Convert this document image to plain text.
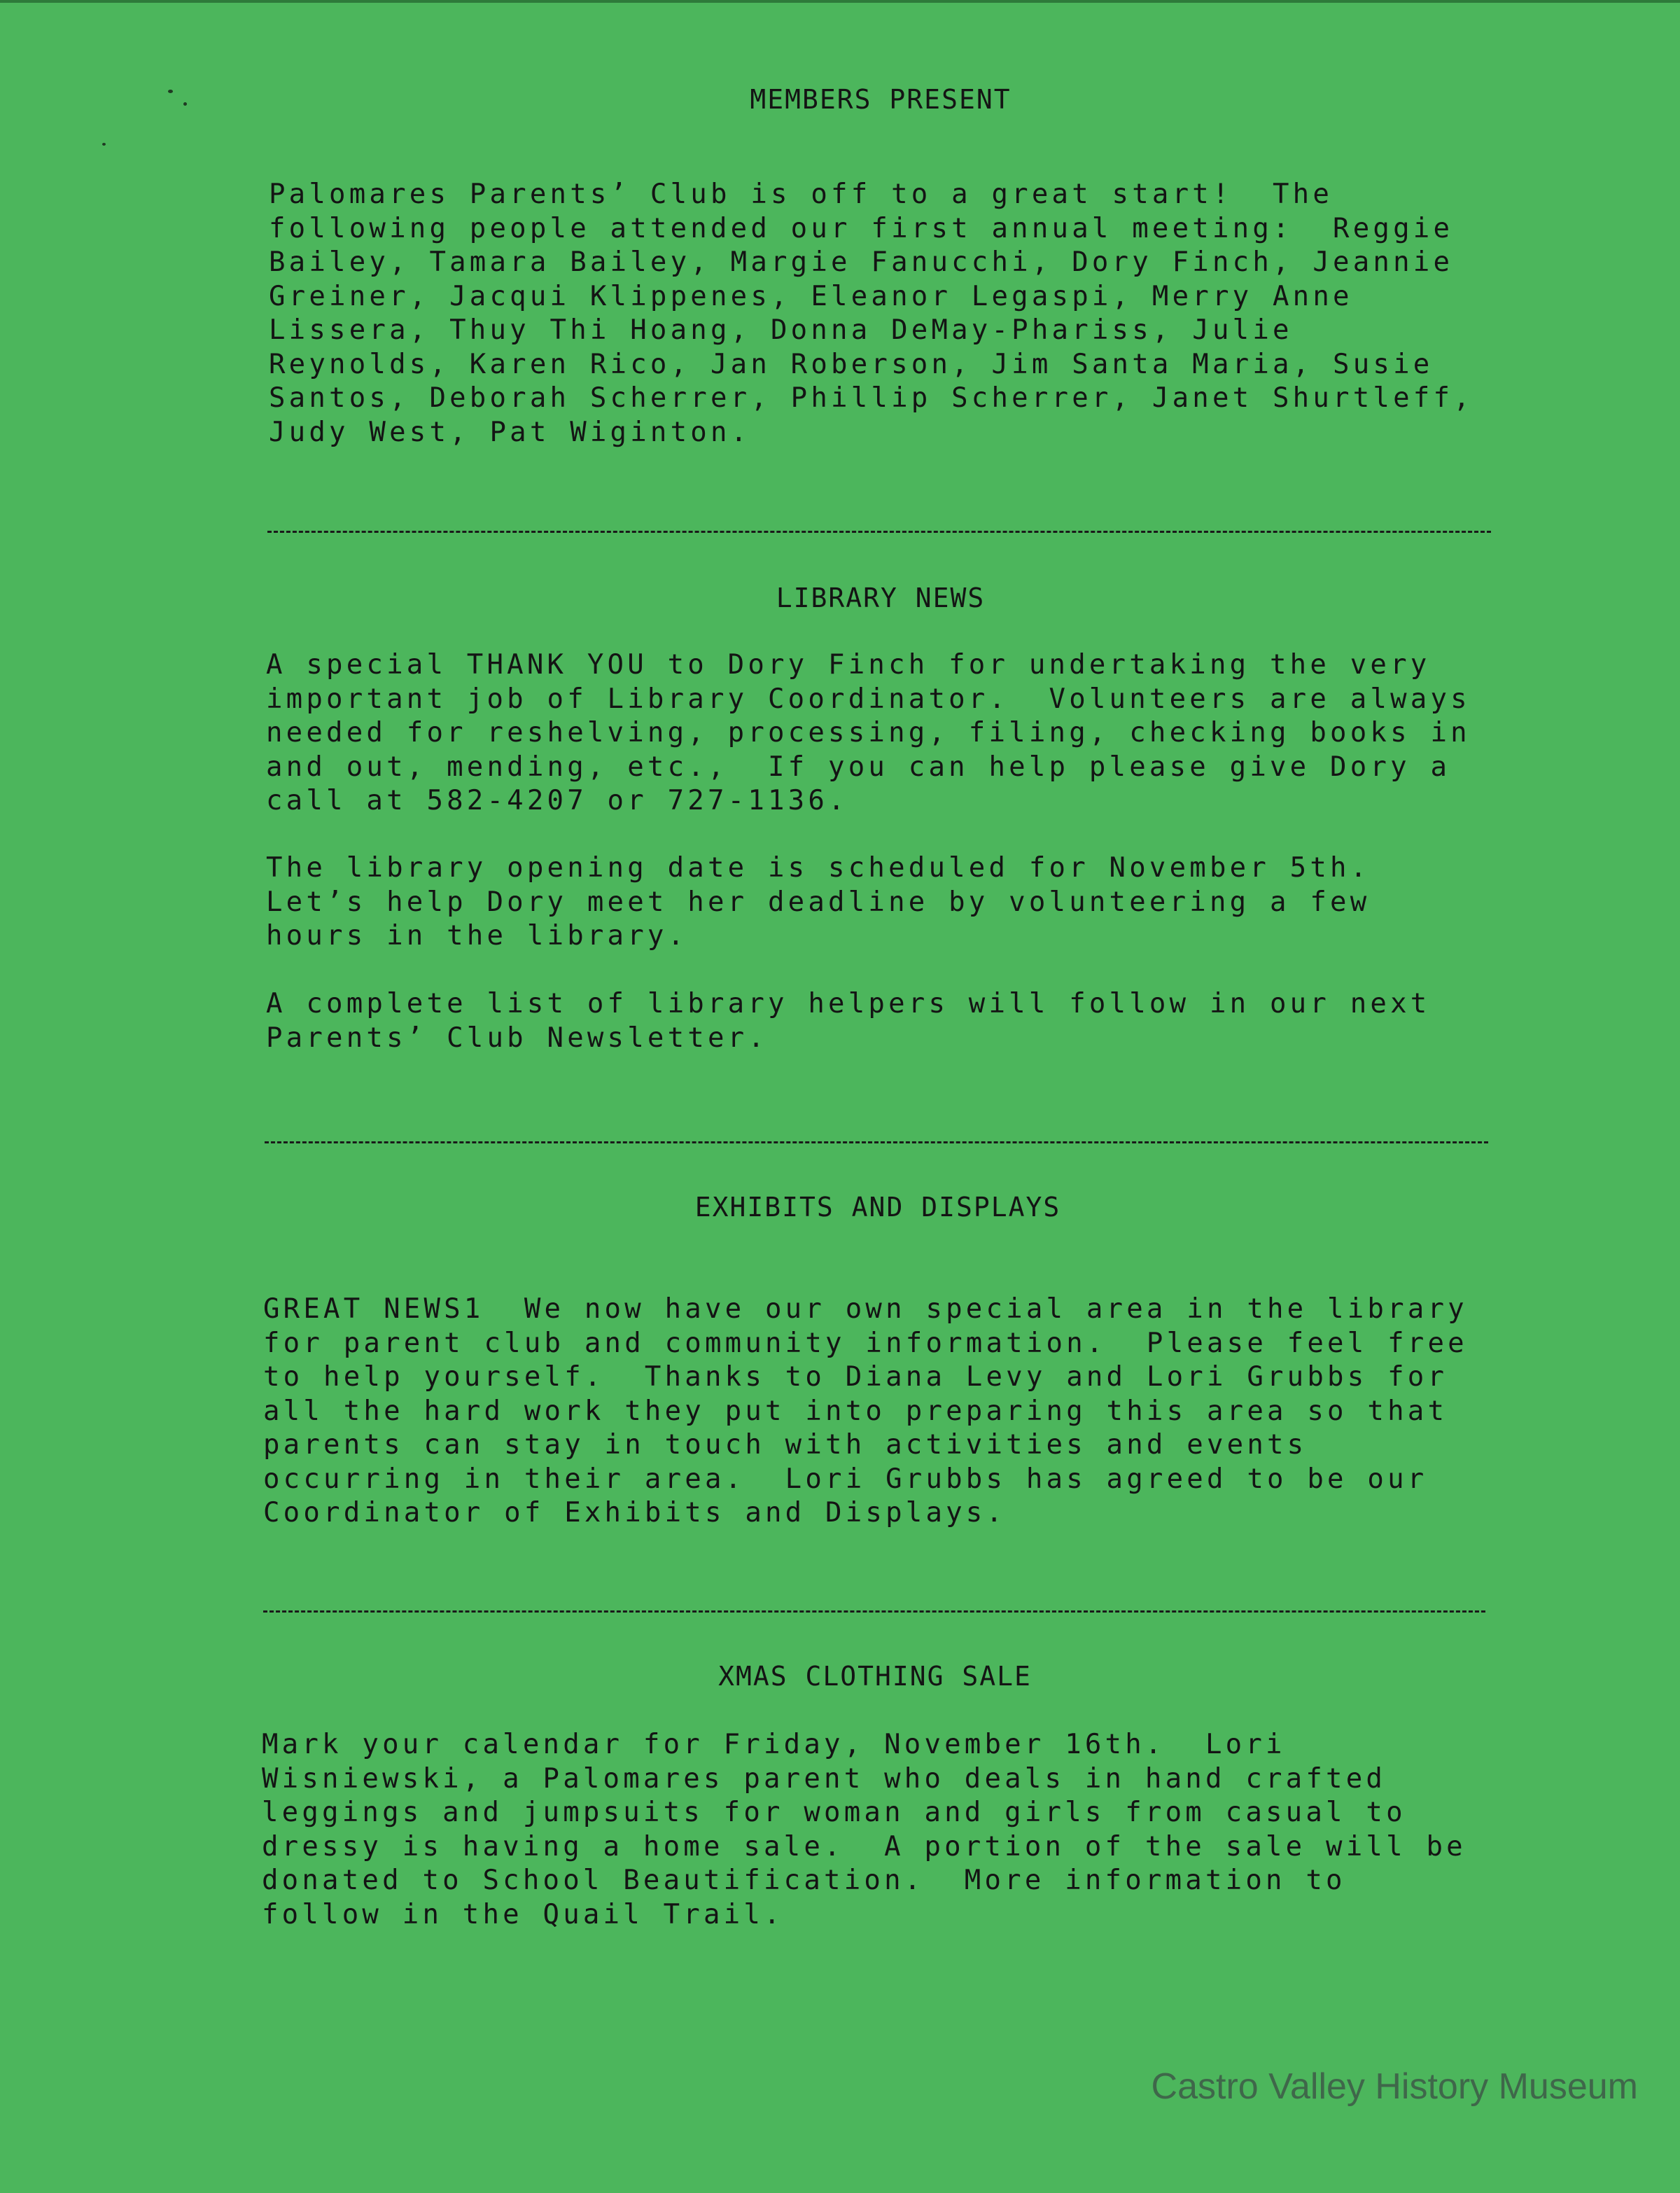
MEMBERS PRESENT

Palomares Parents’ Club is off to a great start!  The
following people attended our first annual meeting:  Reggie
Bailey, Tamara Bailey, Margie Fanucchi, Dory Finch, Jeannie
Greiner, Jacqui Klippenes, Eleanor Legaspi, Merry Anne
Lissera, Thuy Thi Hoang, Donna DeMay-Phariss, Julie
Reynolds, Karen Rico, Jan Roberson, Jim Santa Maria, Susie
Santos, Deborah Scherrer, Phillip Scherrer, Janet Shurtleff,
Judy West, Pat Wiginton.

LIBRARY NEWS

A special THANK YOU to Dory Finch for undertaking the very
important job of Library Coordinator.  Volunteers are always
needed for reshelving, processing, filing, checking books in
and out, mending, etc.,  If you can help please give Dory a
call at 582-4207 or 727-1136.

The library opening date is scheduled for November 5th.
Let’s help Dory meet her deadline by volunteering a few
hours in the library.

A complete list of library helpers will follow in our next
Parents’ Club Newsletter.

EXHIBITS AND DISPLAYS

GREAT NEWS1  We now have our own special area in the library
for parent club and community information.  Please feel free
to help yourself.  Thanks to Diana Levy and Lori Grubbs for
all the hard work they put into preparing this area so that
parents can stay in touch with activities and events
occurring in their area.  Lori Grubbs has agreed to be our
Coordinator of Exhibits and Displays.

XMAS CLOTHING SALE

Mark your calendar for Friday, November 16th.  Lori
Wisniewski, a Palomares parent who deals in hand crafted
leggings and jumpsuits for woman and girls from casual to
dressy is having a home sale.  A portion of the sale will be
donated to School Beautification.  More information to
follow in the Quail Trail.

Castro Valley History Museum
